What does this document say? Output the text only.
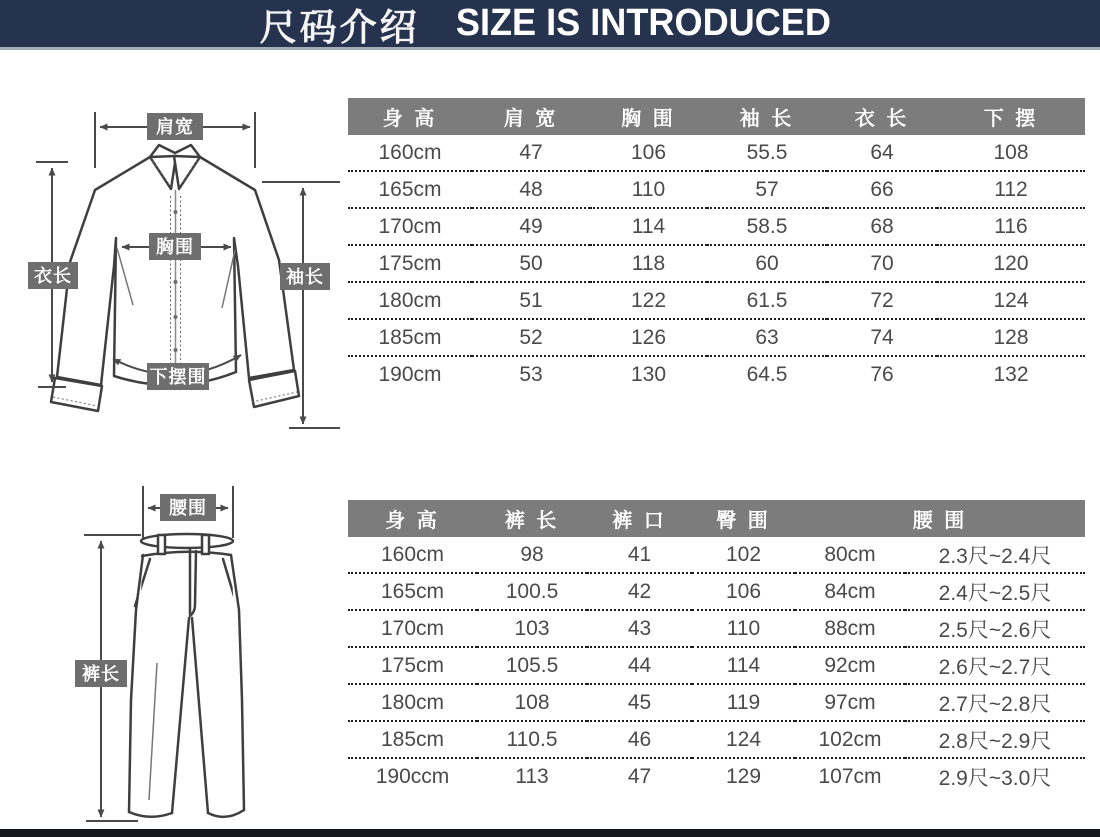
尺码介绍 SIZE IS INTRODUCED
肩宽
衣长	袖长
胸围
下摆围
腰围
裤长
身 高	肩 宽	胸 围	袖 长	衣 长	下 摆
160cm	47	106	55.5	64	108
165cm	48	110	57	66	112
170cm	49	114	58.5	68	116
175cm	50	118	60	70	120
180cm	51	122	61.5	72	124
185cm	52	126	63	74	128
190cm	53	130	64.5	76	132
身 高	裤 长	裤 口	臀 围	腰 围	
160cm	98	41	102	80cm	2.3尺~2.4尺
165cm	100.5	42	106	84cm	2.4尺~2.5尺
170cm	103	43	110	88cm	2.5尺~2.6尺
175cm	105.5	44	114	92cm	2.6尺~2.7尺
180cm	108	45	119	97cm	2.7尺~2.8尺
185cm	110.5	46	124	102cm	2.8尺~2.9尺
190ccm	113	47	129	107cm	2.9尺~3.0尺
